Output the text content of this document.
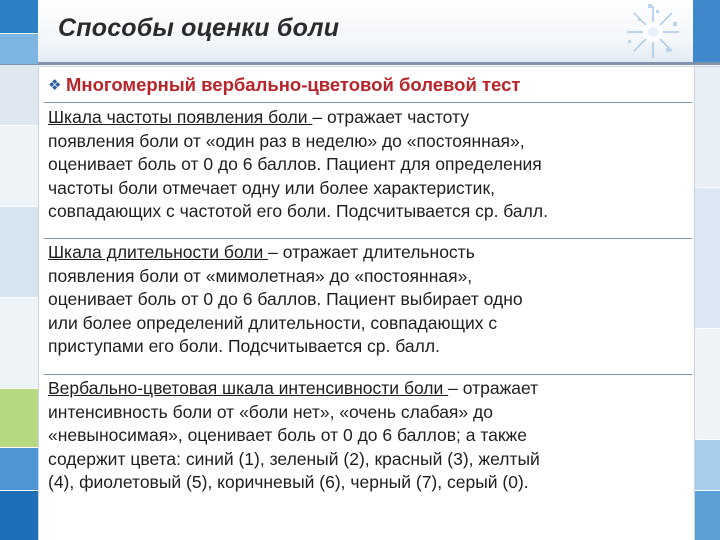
Способы оценки боли
❖ Многомерный вербально-цветовой болевой тест
Шкала частоты появления боли – отражает частоту
появления боли от «один раз в неделю» до «постоянная»,
оценивает боль от 0 до 6 баллов. Пациент для определения
частоты боли отмечает одну или более характеристик,
совпадающих с частотой его боли. Подсчитывается ср. балл.
Шкала длительности боли – отражает длительность
появления боли от «мимолетная» до «постоянная»,
оценивает боль от 0 до 6 баллов. Пациент выбирает одно
или более определений длительности, совпадающих с
приступами его боли. Подсчитывается ср. балл.
Вербально-цветовая шкала интенсивности боли – отражает
интенсивность боли от «боли нет», «очень слабая» до
«невыносимая», оценивает боль от 0 до 6 баллов; а также
содержит цвета: синий (1), зеленый (2), красный (3), желтый
(4), фиолетовый (5), коричневый (6), черный (7), серый (0).
